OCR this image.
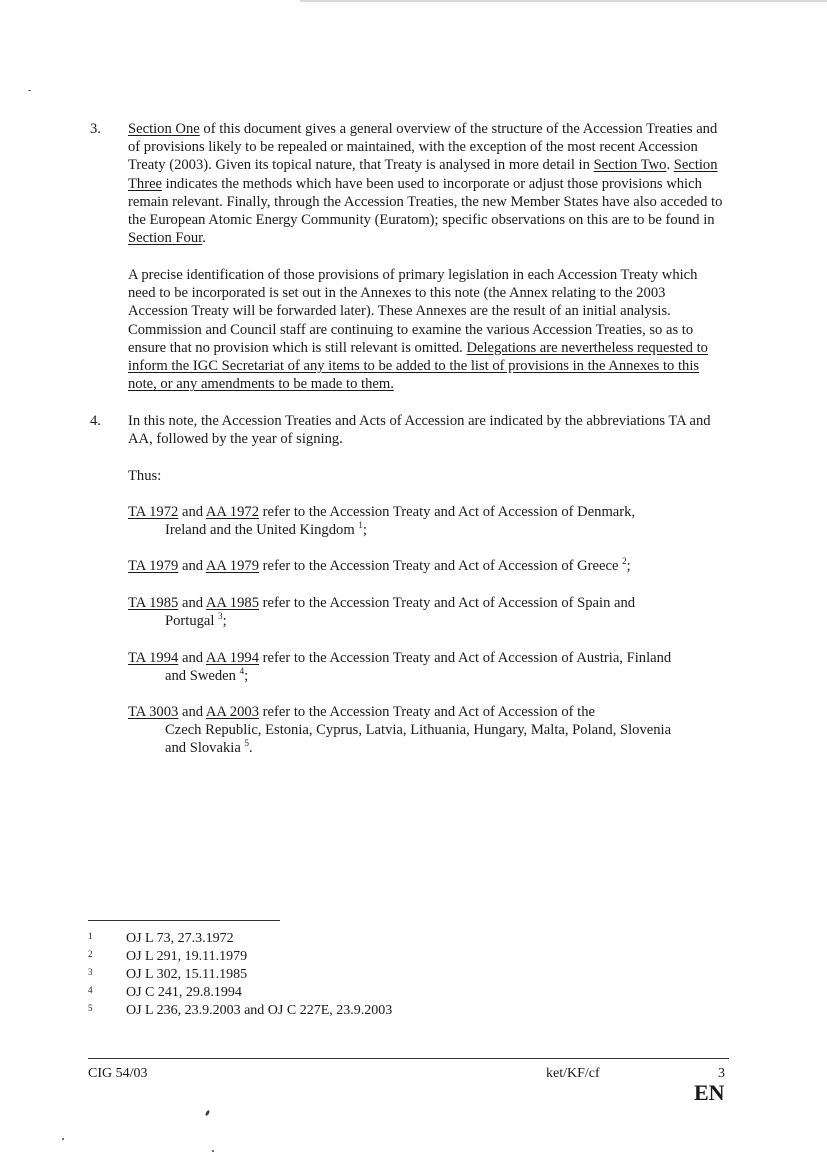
3. Section One of this document gives a general overview of the structure of the Accession Treaties and of provisions likely to be repealed or maintained, with the exception of the most recent Accession Treaty (2003). Given its topical nature, that Treaty is analysed in more detail in Section Two. Section Three indicates the methods which have been used to incorporate or adjust those provisions which remain relevant. Finally, through the Accession Treaties, the new Member States have also acceded to the European Atomic Energy Community (Euratom); specific observations on this are to be found in Section Four.

A precise identification of those provisions of primary legislation in each Accession Treaty which need to be incorporated is set out in the Annexes to this note (the Annex relating to the 2003 Accession Treaty will be forwarded later). These Annexes are the result of an initial analysis. Commission and Council staff are continuing to examine the various Accession Treaties, so as to ensure that no provision which is still relevant is omitted. Delegations are nevertheless requested to inform the IGC Secretariat of any items to be added to the list of provisions in the Annexes to this note, or any amendments to be made to them.

4. In this note, the Accession Treaties and Acts of Accession are indicated by the abbreviations TA and AA, followed by the year of signing.

Thus:

TA 1972 and AA 1972 refer to the Accession Treaty and Act of Accession of Denmark,
Ireland and the United Kingdom $^1$;

TA 1979 and AA 1979 refer to the Accession Treaty and Act of Accession of Greece $^2$;

TA 1985 and AA 1985 refer to the Accession Treaty and Act of Accession of Spain and
Portugal $^3$;

TA 1994 and AA 1994 refer to the Accession Treaty and Act of Accession of Austria, Finland
and Sweden $^4$;

TA 3003 and AA 2003 refer to the Accession Treaty and Act of Accession of the
Czech Republic, Estonia, Cyprus, Latvia, Lithuania, Hungary, Malta, Poland, Slovenia
and Slovakia $^5$.

1 OJ L 73, 27.3.1972
2 OJ L 291, 19.11.1979
3 OJ L 302, 15.11.1985
4 OJ C 241, 29.8.1994
5 OJ L 236, 23.9.2003 and OJ C 227E, 23.9.2003
CIG 54/03	ket/KF/cf	3
EN
